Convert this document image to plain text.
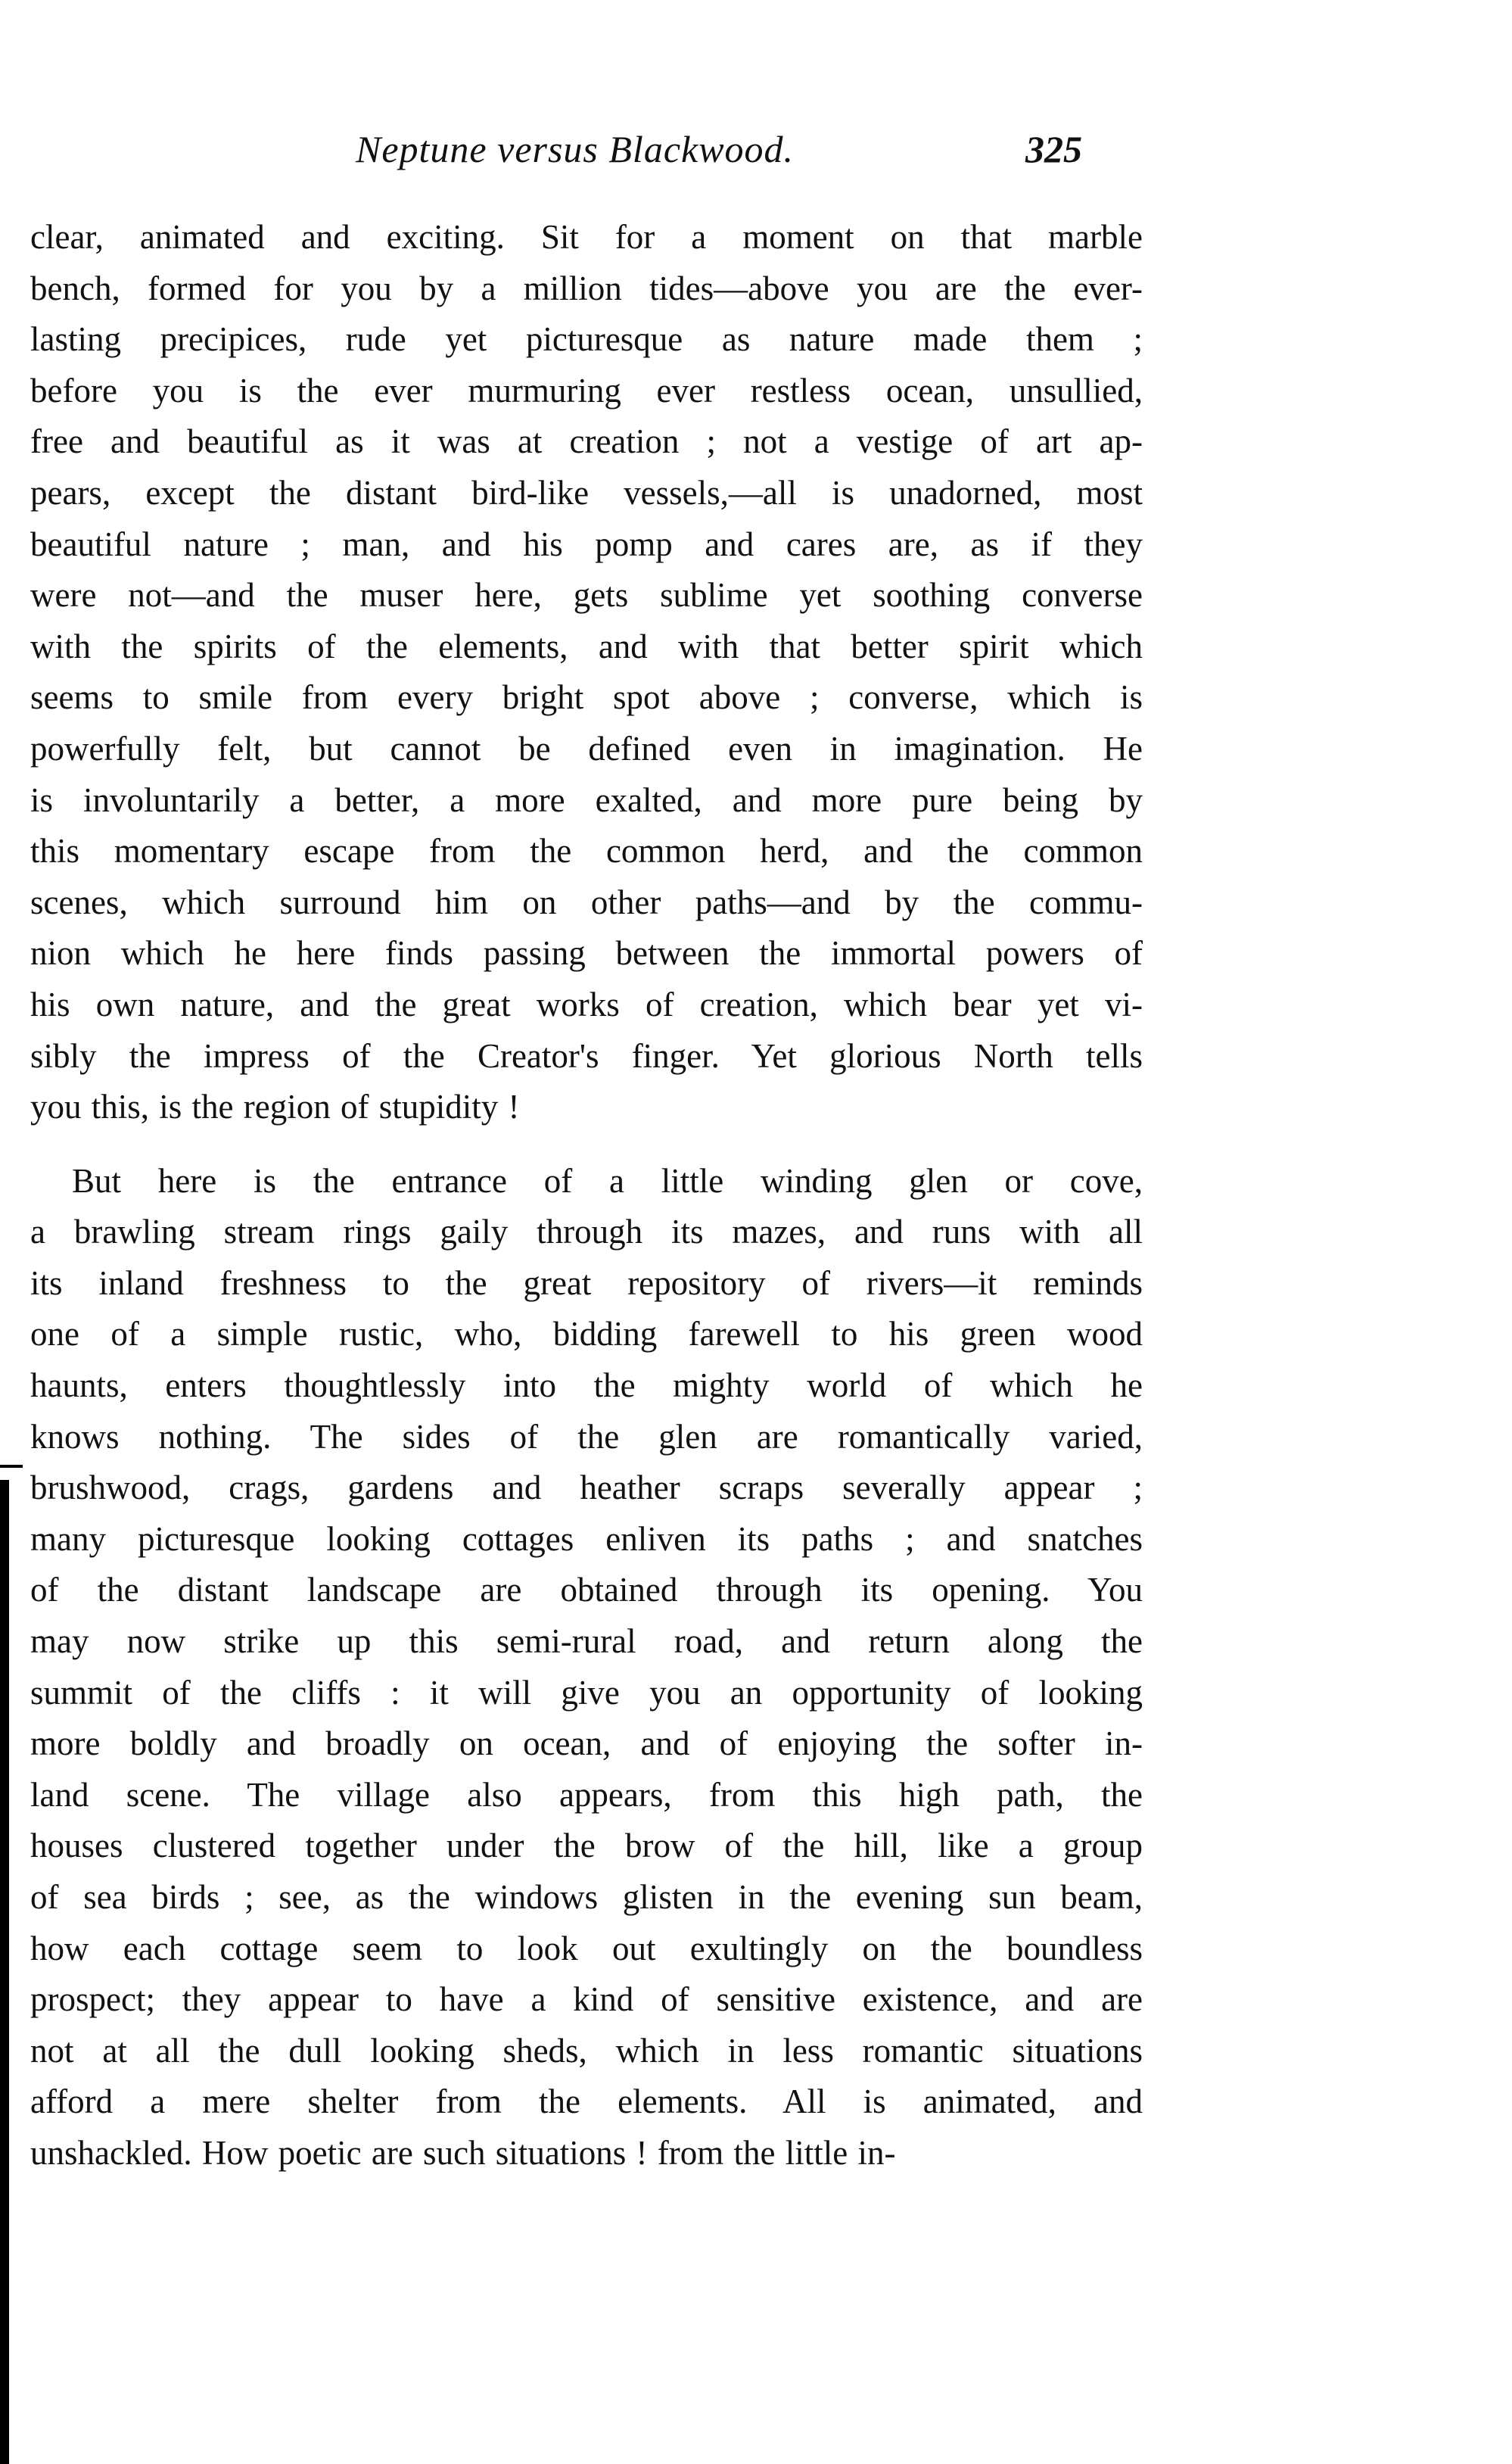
Neptune versus Blackwood.	325
clear, animated and exciting. Sit for a moment on that marble
bench, formed for you by a million tides—above you are the ever-
lasting precipices, rude yet picturesque as nature made them ;
before you is the ever murmuring ever restless ocean, unsullied,
free and beautiful as it was at creation ; not a vestige of art ap-
pears, except the distant bird-like vessels,—all is unadorned, most
beautiful nature ; man, and his pomp and cares are, as if they
were not—and the muser here, gets sublime yet soothing converse
with the spirits of the elements, and with that better spirit which
seems to smile from every bright spot above ; converse, which is
powerfully felt, but cannot be defined even in imagination. He
is involuntarily a better, a more exalted, and more pure being by
this momentary escape from the common herd, and the common
scenes, which surround him on other paths—and by the commu-
nion which he here finds passing between the immortal powers of
his own nature, and the great works of creation, which bear yet vi-
sibly the impress of the Creator's finger. Yet glorious North tells
you this, is the region of stupidity !
But here is the entrance of a little winding glen or cove,
a brawling stream rings gaily through its mazes, and runs with all
its inland freshness to the great repository of rivers—it reminds
one of a simple rustic, who, bidding farewell to his green wood
haunts, enters thoughtlessly into the mighty world of which he
knows nothing. The sides of the glen are romantically varied,
brushwood, crags, gardens and heather scraps severally appear ;
many picturesque looking cottages enliven its paths ; and snatches
of the distant landscape are obtained through its opening. You
may now strike up this semi-rural road, and return along the
summit of the cliffs : it will give you an opportunity of looking
more boldly and broadly on ocean, and of enjoying the softer in-
land scene. The village also appears, from this high path, the
houses clustered together under the brow of the hill, like a group
of sea birds ; see, as the windows glisten in the evening sun beam,
how each cottage seem to look out exultingly on the boundless
prospect; they appear to have a kind of sensitive existence, and are
not at all the dull looking sheds, which in less romantic situations
afford a mere shelter from the elements. All is animated, and
unshackled. How poetic are such situations ! from the little in-
